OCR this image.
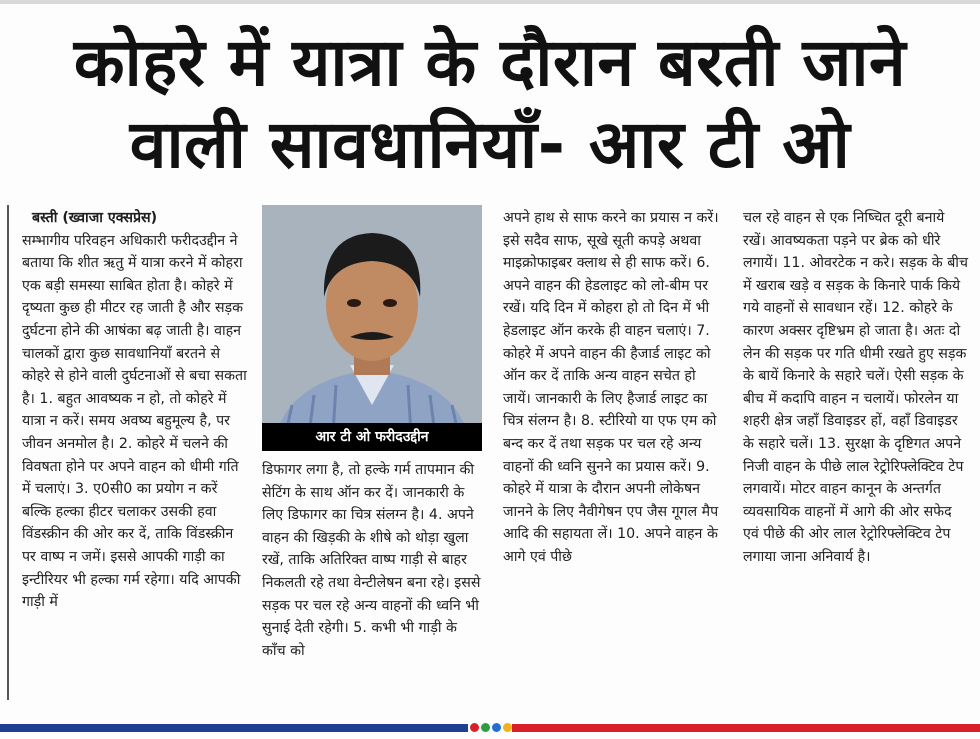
कोहरे में यात्रा के दौरान बरती जाने
वाली सावधानियाँ- आर टी ओ

बस्ती (ख्वाजा एक्सप्रेस)

सम्भागीय परिवहन अधिकारी फरीदउद्दीन ने बताया कि शीत ऋतु में यात्रा करने में कोहरा एक बड़ी समस्या साबित होता है। कोहरे में दृष्यता कुछ ही मीटर रह जाती है और सड़क दुर्घटना होने की आषंका बढ़ जाती है। वाहन चालकों द्वारा कुछ सावधानियाँ बरतने से कोहरे से होने वाली दुर्घटनाओं से बचा सकता है। 1. बहुत आवष्यक न हो, तो कोहरे में यात्रा न करें। समय अवष्य बहुमूल्य है, पर जीवन अनमोल है। 2. कोहरे में चलने की विवषता होने पर अपने वाहन को धीमी गति में चलाएं। 3. ए0सी0 का प्रयोग न करें बल्कि हल्का हीटर चलाकर उसकी हवा विंडस्क्रीन की ओर कर दें, ताकि विंडस्क्रीन पर वाष्प न जमें। इससे आपकी गाड़ी का इन्टीरियर भी हल्का गर्म रहेगा। यदि आपकी गाड़ी में

आर टी ओ फरीदउद्दीन

डिफागर लगा है, तो हल्के गर्म तापमान की सेटिंग के साथ ऑन कर दें। जानकारी के लिए डिफागर का चित्र संलग्न है। 4. अपने वाहन की खिड़की के शीषे को थोड़ा खुला रखें, ताकि अतिरिक्त वाष्प गाड़ी से बाहर निकलती रहे तथा वेन्टीलेषन बना रहे। इससे सड़क पर चल रहे अन्य वाहनों की ध्वनि भी सुनाई देती रहेगी। 5. कभी भी गाड़ी के काँच को

अपने हाथ से साफ करने का प्रयास न करें। इसे सदैव साफ, सूखे सूती कपड़े अथवा माइक्रोफाइबर क्लाथ से ही साफ करें। 6. अपने वाहन की हेडलाइट को लो-बीम पर रखें। यदि दिन में कोहरा हो तो दिन में भी हेडलाइट ऑन करके ही वाहन चलाएं। 7. कोहरे में अपने वाहन की हैजार्ड लाइट को ऑन कर दें ताकि अन्य वाहन सचेत हो जायें। जानकारी के लिए हैजार्ड लाइट का चित्र संलग्न है। 8. स्टीरियो या एफ एम को बन्द कर दें तथा सड़क पर चल रहे अन्य वाहनों की ध्वनि सुनने का प्रयास करें। 9. कोहरे में यात्रा के दौरान अपनी लोकेषन जानने के लिए नैवीगेषन एप जैस गूगल मैप आदि की सहायता लें। 10. अपने वाहन के आगे एवं पीछे

चल रहे वाहन से एक निष्चित दूरी बनाये रखें। आवष्यकता पड़ने पर ब्रेक को धीरे लगायें। 11. ओवरटेक न करे। सड़क के बीच में खराब खड़े व सड़क के किनारे पार्क किये गये वाहनों से सावधान रहें। 12. कोहरे के कारण अक्सर दृष्टिभ्रम हो जाता है। अतः दो लेन की सड़क पर गति धीमी रखते हुए सड़क के बायें किनारे के सहारे चलें। ऐसी सड़क के बीच में कदापि वाहन न चलायें। फोरलेन या शहरी क्षेत्र जहाँ डिवाइडर हों, वहाँ डिवाइडर के सहारे चलें। 13. सुरक्षा के दृष्टिगत अपने निजी वाहन के पीछे लाल रेट्रोरिफ्लेक्टिव टेप लगवायें। मोटर वाहन कानून के अन्तर्गत व्यवसायिक वाहनों में आगे की ओर सफेद एवं पीछे की ओर लाल रेट्रोरिफ्लेक्टिव टेप लगाया जाना अनिवार्य है।
